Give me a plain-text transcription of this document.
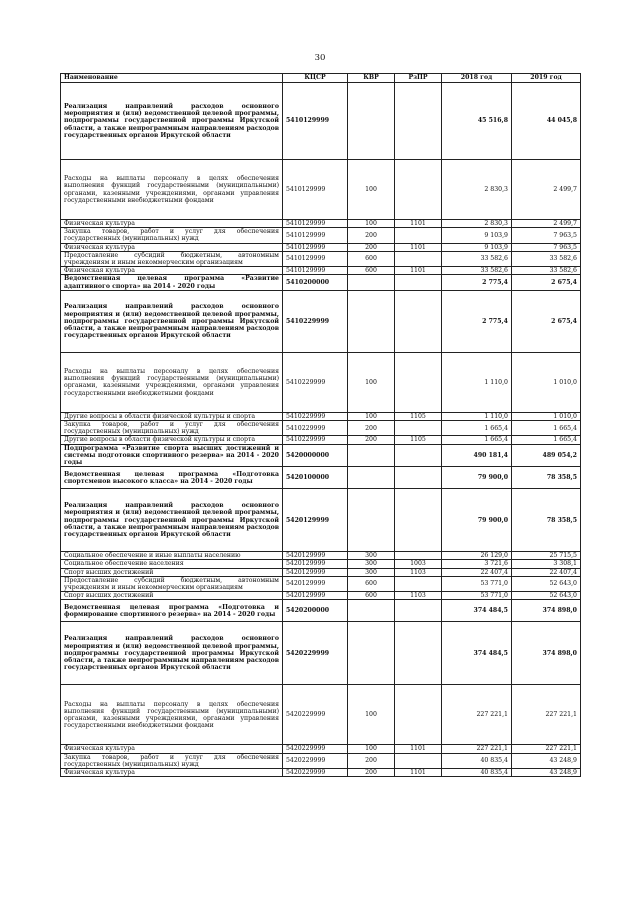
30
Наименование	КЦСР	КВР	РзПР	2018 год	2019 год
Реализация направлений расходов основного мероприятия и (или) ведомственной целевой программы, подпрограммы государственной программы Иркутской области, а также непрограммным направлениям расходов государственных органов Иркутской области	5410129999			45 516,8	44 045,8
Расходы на выплаты персоналу в целях обеспечения выполнения функций государственными (муниципальными) органами, казенными учреждениями, органами управления государственными внебюджетными фондами	5410129999	100		2 830,3	2 499,7
Физическая культура	5410129999	100	1101	2 830,3	2 499,7
Закупка товаров, работ и услуг для обеспечения государственных (муниципальных) нужд	5410129999	200		9 103,9	7 963,5
Физическая культура	5410129999	200	1101	9 103,9	7 963,5
Предоставление субсидий бюджетным, автономным учреждениям и иным некоммерческим организациям	5410129999	600		33 582,6	33 582,6
Физическая культура	5410129999	600	1101	33 582,6	33 582,6
Ведомственная целевая программа «Развитие адаптивного спорта» на 2014 - 2020 годы	5410200000			2 775,4	2 675,4
Реализация направлений расходов основного мероприятия и (или) ведомственной целевой программы, подпрограммы государственной программы Иркутской области, а также непрограммным направлениям расходов государственных органов Иркутской области	5410229999			2 775,4	2 675,4
Расходы на выплаты персоналу в целях обеспечения выполнения функций государственными (муниципальными) органами, казенными учреждениями, органами управления государственными внебюджетными фондами	5410229999	100		1 110,0	1 010,0
Другие вопросы в области физической культуры и спорта	5410229999	100	1105	1 110,0	1 010,0
Закупка товаров, работ и услуг для обеспечения государственных (муниципальных) нужд	5410229999	200		1 665,4	1 665,4
Другие вопросы в области физической культуры и спорта	5410229999	200	1105	1 665,4	1 665,4
Подпрограмма «Развитие спорта высших достижений и системы подготовки спортивного резерва» на 2014 - 2020 годы	5420000000			490 181,4	489 054,2
Ведомственная целевая программа «Подготовка спортсменов высокого класса» на 2014 - 2020 годы	5420100000			79 900,0	78 358,5
Реализация направлений расходов основного мероприятия и (или) ведомственной целевой программы, подпрограммы государственной программы Иркутской области, а также непрограммным направлениям расходов государственных органов Иркутской области	5420129999			79 900,0	78 358,5
Социальное обеспечение и иные выплаты населению	5420129999	300		26 129,0	25 715,5
Социальное обеспечение населения	5420129999	300	1003	3 721,6	3 308,1
Спорт высших достижений	5420129999	300	1103	22 407,4	22 407,4
Предоставление субсидий бюджетным, автономным учреждениям и иным некоммерческим организациям	5420129999	600		53 771,0	52 643,0
Спорт высших достижений	5420129999	600	1103	53 771,0	52 643,0
Ведомственная целевая программа «Подготовка и формирование спортивного резерва» на 2014 - 2020 годы	5420200000			374 484,5	374 898,0
Реализация направлений расходов основного мероприятия и (или) ведомственной целевой программы, подпрограммы государственной программы Иркутской области, а также непрограммным направлениям расходов государственных органов Иркутской области	5420229999			374 484,5	374 898,0
Расходы на выплаты персоналу в целях обеспечения выполнения функций государственными (муниципальными) органами, казенными учреждениями, органами управления государственными внебюджетными фондами	5420229999	100		227 221,1	227 221,1
Физическая культура	5420229999	100	1101	227 221,1	227 221,1
Закупка товаров, работ и услуг для обеспечения государственных (муниципальных) нужд	5420229999	200		40 835,4	43 248,9
Физическая культура	5420229999	200	1101	40 835,4	43 248,9
